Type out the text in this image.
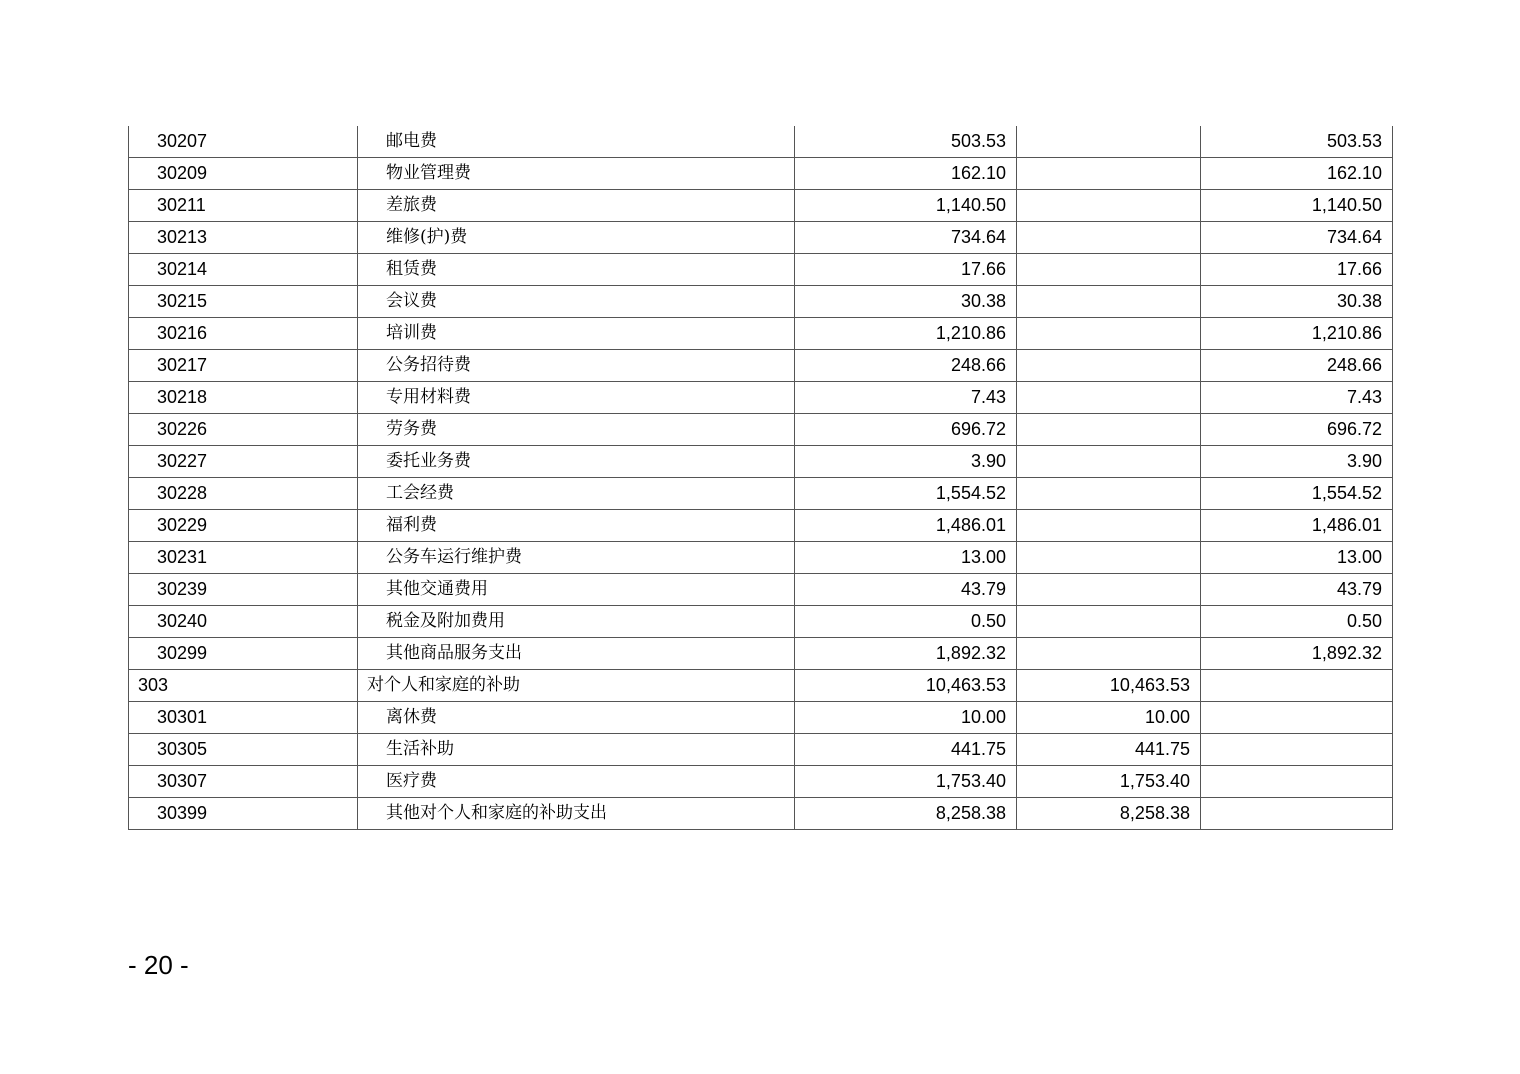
30207	邮电费	503.53		503.53
30209	物业管理费	162.10		162.10
30211	差旅费	1,140.50		1,140.50
30213	维修(护)费	734.64		734.64
30214	租赁费	17.66		17.66
30215	会议费	30.38		30.38
30216	培训费	1,210.86		1,210.86
30217	公务招待费	248.66		248.66
30218	专用材料费	7.43		7.43
30226	劳务费	696.72		696.72
30227	委托业务费	3.90		3.90
30228	工会经费	1,554.52		1,554.52
30229	福利费	1,486.01		1,486.01
30231	公务车运行维护费	13.00		13.00
30239	其他交通费用	43.79		43.79
30240	税金及附加费用	0.50		0.50
30299	其他商品服务支出	1,892.32		1,892.32
303	对个人和家庭的补助	10,463.53	10,463.53	
30301	离休费	10.00	10.00	
30305	生活补助	441.75	441.75	
30307	医疗费	1,753.40	1,753.40	
30399	其他对个人和家庭的补助支出	8,258.38	8,258.38	
- 20 -
